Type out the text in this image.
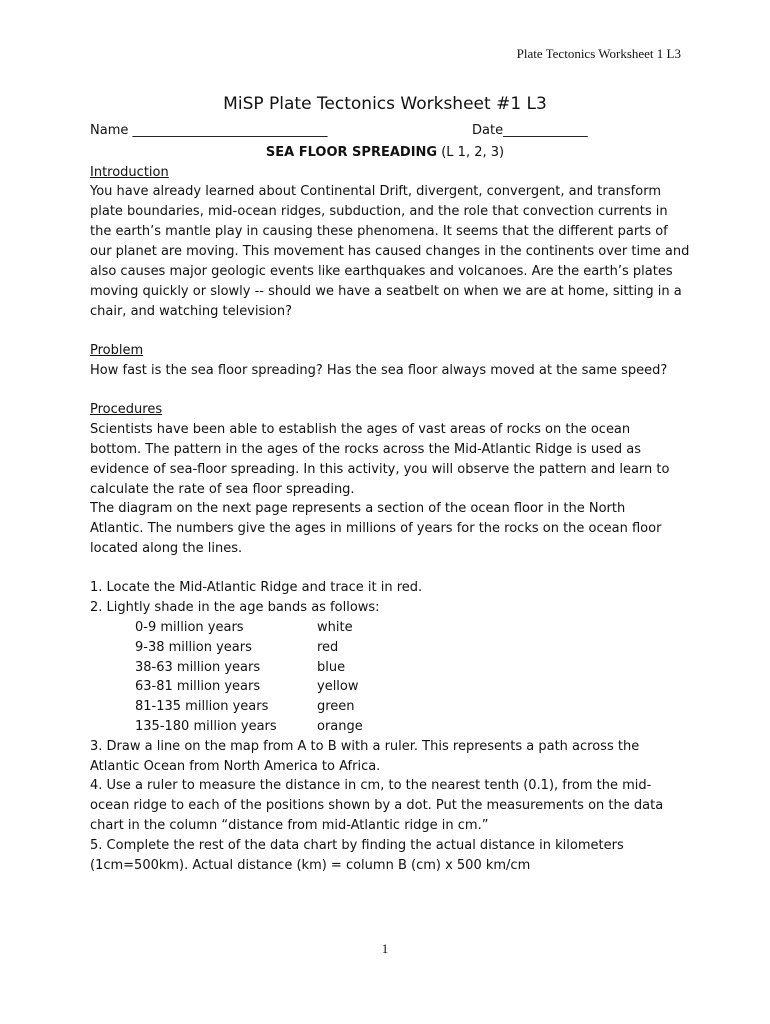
Plate Tectonics Worksheet 1 L3
MiSP Plate Tectonics Worksheet #1 L3
Name ______________________________	Date_____________
SEA FLOOR SPREADING (L 1, 2, 3)
Introduction
You have already learned about Continental Drift, divergent, convergent, and transform
plate boundaries, mid-ocean ridges, subduction, and the role that convection currents in
the earth’s mantle play in causing these phenomena. It seems that the different parts of
our planet are moving. This movement has caused changes in the continents over time and
also causes major geologic events like earthquakes and volcanoes. Are the earth’s plates
moving quickly or slowly -- should we have a seatbelt on when we are at home, sitting in a
chair, and watching television?
Problem
How fast is the sea floor spreading? Has the sea floor always moved at the same speed?
Procedures
Scientists have been able to establish the ages of vast areas of rocks on the ocean
bottom. The pattern in the ages of the rocks across the Mid-Atlantic Ridge is used as
evidence of sea-floor spreading. In this activity, you will observe the pattern and learn to
calculate the rate of sea floor spreading.
The diagram on the next page represents a section of the ocean floor in the North
Atlantic. The numbers give the ages in millions of years for the rocks on the ocean floor
located along the lines.
1. Locate the Mid-Atlantic Ridge and trace it in red.
2. Lightly shade in the age bands as follows:
0-9 million years	white
9-38 million years	red
38-63 million years	blue
63-81 million years	yellow
81-135 million years	green
135-180 million years	orange
3. Draw a line on the map from A to B with a ruler. This represents a path across the
Atlantic Ocean from North America to Africa.
4. Use a ruler to measure the distance in cm, to the nearest tenth (0.1), from the mid-
ocean ridge to each of the positions shown by a dot. Put the measurements on the data
chart in the column “distance from mid-Atlantic ridge in cm.”
5. Complete the rest of the data chart by finding the actual distance in kilometers
(1cm=500km). Actual distance (km) = column B (cm) x 500 km/cm
1
